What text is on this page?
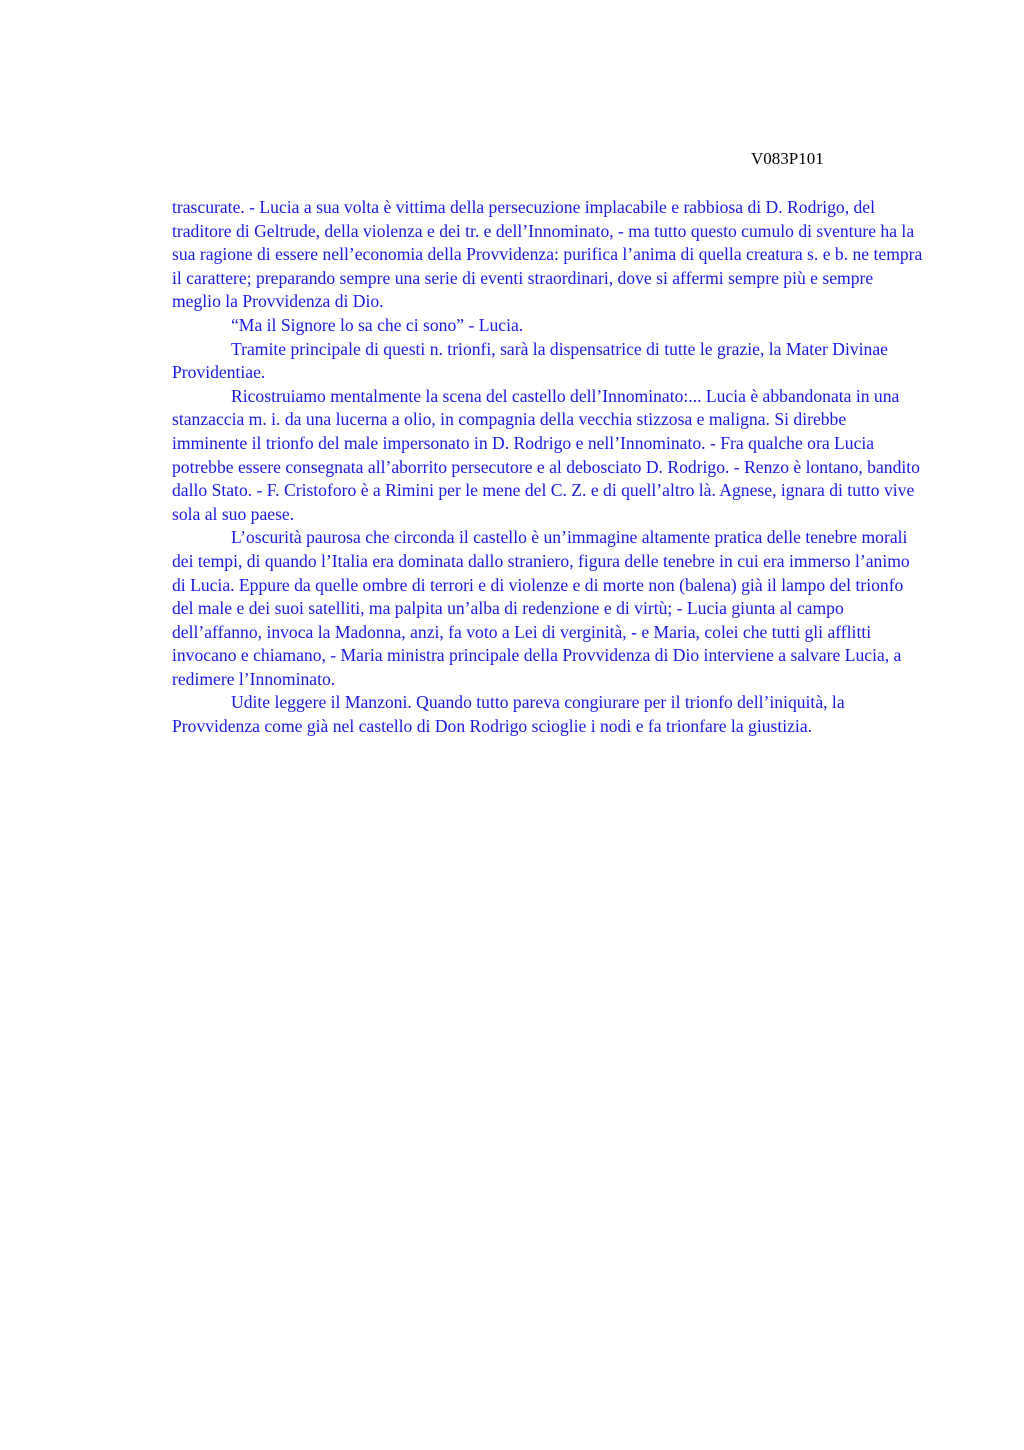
V083P101

trascurate. - Lucia a sua volta è vittima della persecuzione implacabile e rabbiosa di D. Rodrigo, del traditore di Geltrude, della violenza e dei tr. e dell’Innominato, - ma tutto questo cumulo di sventure ha la sua ragione di essere nell’economia della Provvidenza: purifica l’anima di quella creatura s. e b. ne tempra il carattere; preparando sempre una serie di eventi straordinari, dove si affermi sempre più e sempre meglio la Provvidenza di Dio.

“Ma il Signore lo sa che ci sono” - Lucia.

Tramite principale di questi n. trionfi, sarà la dispensatrice di tutte le grazie, la Mater Divinae Providentiae.

Ricostruiamo mentalmente la scena del castello dell’Innominato:... Lucia è abbandonata in una stanzaccia m. i. da una lucerna a olio, in compagnia della vecchia stizzosa e maligna. Si direbbe imminente il trionfo del male impersonato in D. Rodrigo e nell’Innominato. - Fra qualche ora Lucia potrebbe essere consegnata all’aborrito persecutore e al debosciato D. Rodrigo. - Renzo è lontano, bandito dallo Stato. - F. Cristoforo è a Rimini per le mene del C. Z. e di quell’altro là. Agnese, ignara di tutto vive sola al suo paese.

L’oscurità paurosa che circonda il castello è un’immagine altamente pratica delle tenebre morali dei tempi, di quando l’Italia era dominata dallo straniero, figura delle tenebre in cui era immerso l’animo di Lucia. Eppure da quelle ombre di terrori e di violenze e di morte non (balena) già il lampo del trionfo del male e dei suoi satelliti, ma palpita un’alba di redenzione e di virtù; - Lucia giunta al campo dell’affanno, invoca la Madonna, anzi, fa voto a Lei di verginità, - e Maria, colei che tutti gli afflitti invocano e chiamano, - Maria ministra principale della Provvidenza di Dio interviene a salvare Lucia, a redimere l’Innominato.

Udite leggere il Manzoni. Quando tutto pareva congiurare per il trionfo dell’iniquità, la Provvidenza come già nel castello di Don Rodrigo scioglie i nodi e fa trionfare la giustizia.
